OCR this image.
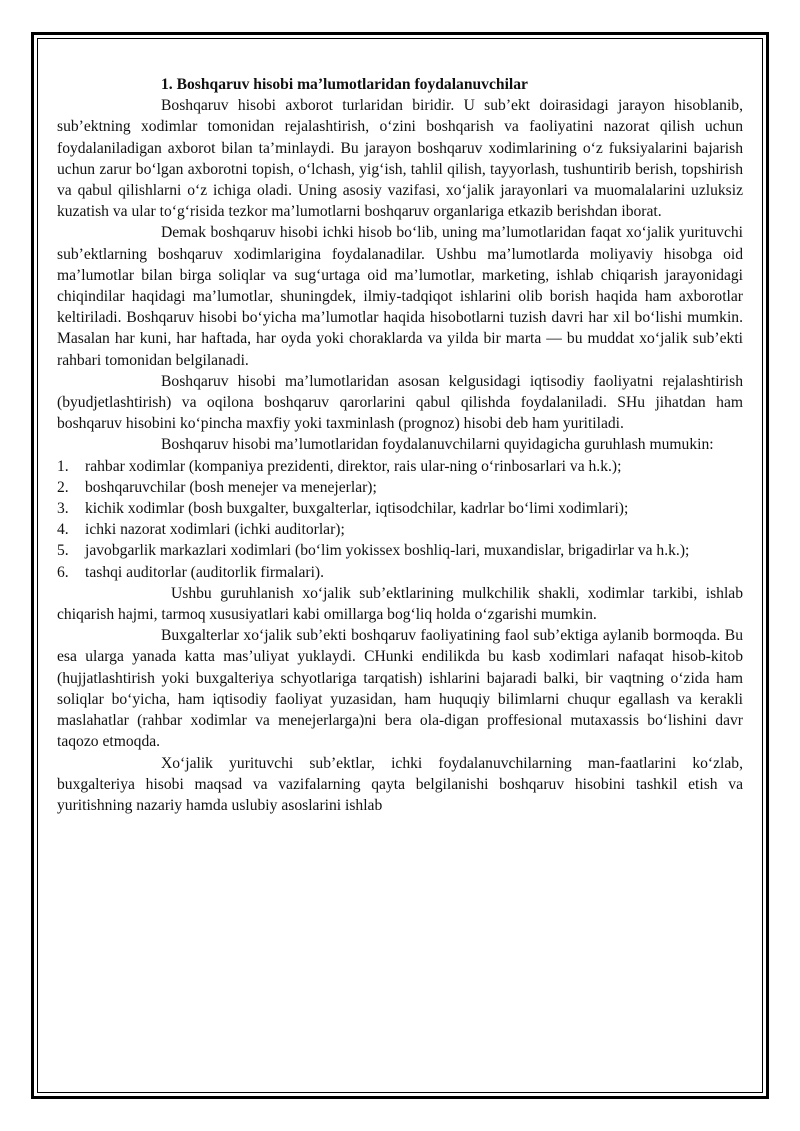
1. Boshqaruv hisobi ma’lumotlaridan foydalanuvchilar

Boshqaruv hisobi axborot turlaridan biridir. U sub’ekt doirasidagi jarayon hisoblanib, sub’ektning xodimlar tomonidan rejalashtirish, o‘zini boshqarish va faoliyatini nazorat qilish uchun foydalaniladigan axborot bilan ta’minlaydi. Bu jarayon boshqaruv xodimlarining o‘z fuksiyalarini bajarish uchun zarur bo‘lgan axborotni topish, o‘lchash, yig‘ish, tahlil qilish, tayyorlash, tushuntirib berish, topshirish va qabul qilishlarni o‘z ichiga oladi. Uning asosiy vazifasi, xo‘jalik jarayonlari va muomalalarini uzluksiz kuzatish va ular to‘g‘risida tezkor ma’lumotlarni boshqaruv organlariga etkazib berishdan iborat.

Demak boshqaruv hisobi ichki hisob bo‘lib, uning ma’lumotlaridan faqat xo‘jalik yurituvchi sub’ektlarning boshqaruv xodimlarigina foydalanadilar. Ushbu ma’lumotlarda moliyaviy hisobga oid ma’lumotlar bilan birga soliqlar va sug‘urtaga oid ma’lumotlar, marketing, ishlab chiqarish jarayonidagi chiqindilar haqidagi ma’lumotlar, shuningdek, ilmiy-tadqiqot ishlarini olib borish haqida ham axborotlar keltiriladi. Boshqaruv hisobi bo‘yicha ma’lumotlar haqida hisobotlarni tuzish davri har xil bo‘lishi mumkin. Masalan har kuni, har haftada, har oyda yoki choraklarda va yilda bir marta — bu muddat xo‘jalik sub’ekti rahbari tomonidan belgilanadi.

Boshqaruv hisobi ma’lumotlaridan asosan kelgusidagi iqtisodiy faoliyatni rejalashtirish (byudjetlashtirish) va oqilona boshqaruv qarorlarini qabul qilishda foydalaniladi. SHu jihatdan ham boshqaruv hisobini ko‘pincha maxfiy yoki taxminlash (prognoz) hisobi deb ham yuritiladi.

Boshqaruv hisobi ma’lumotlaridan foydalanuvchilarni quyidagicha guruhlash mumukin:

1. rahbar xodimlar (kompaniya prezidenti, direktor, rais ular-ning o‘rinbosarlari va h.k.);
2. boshqaruvchilar (bosh menejer va menejerlar);
3. kichik xodimlar (bosh buxgalter, buxgalterlar, iqtisodchilar, kadrlar bo‘limi xodimlari);
4. ichki nazorat xodimlari (ichki auditorlar);
5. javobgarlik markazlari xodimlari (bo‘lim yokissex boshliq-lari, muxandislar, brigadirlar va h.k.);
6. tashqi auditorlar (auditorlik firmalari).

Ushbu guruhlanish xo‘jalik sub’ektlarining mulkchilik shakli, xodimlar tarkibi, ishlab chiqarish hajmi, tarmoq xususiyatlari kabi omillarga bog‘liq holda o‘zgarishi mumkin.

Buxgalterlar xo‘jalik sub’ekti boshqaruv faoliyatining faol sub’ektiga aylanib bormoqda. Bu esa ularga yanada katta mas’uliyat yuklaydi. CHunki endilikda bu kasb xodimlari nafaqat hisob-kitob (hujjatlashtirish yoki buxgalteriya schyotlariga tarqatish) ishlarini bajaradi balki, bir vaqtning o‘zida ham soliqlar bo‘yicha, ham iqtisodiy faoliyat yuzasidan, ham huquqiy bilimlarni chuqur egallash va kerakli maslahatlar (rahbar xodimlar va menejerlarga)ni bera ola-digan proffesional mutaxassis bo‘lishini davr taqozo etmoqda.

Xo‘jalik yurituvchi sub’ektlar, ichki foydalanuvchilarning man-faatlarini ko‘zlab, buxgalteriya hisobi maqsad va vazifalarning qayta belgilanishi boshqaruv hisobini tashkil etish va yuritishning nazariy hamda uslubiy asoslarini ishlab
